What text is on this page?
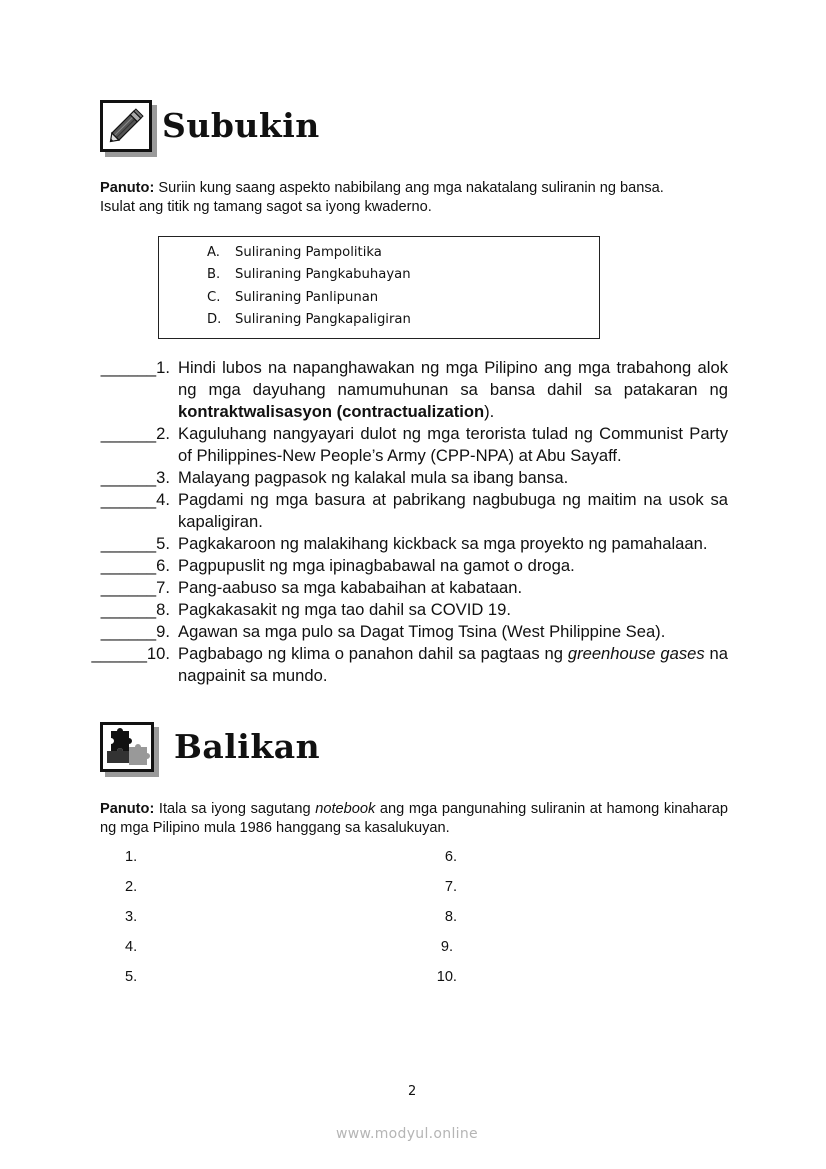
Subukin
Panuto: Suriin kung saang aspekto nabibilang ang mga nakatalang suliranin ng bansa.
Isulat ang titik ng tamang sagot sa iyong kwaderno.
A.	Suliraning Pampolitika
B.	Suliraning Pangkabuhayan
C.	Suliraning Panlipunan
D.	Suliraning Pangkapaligiran
______1. Hindi lubos na napanghawakan ng mga Pilipino ang mga trabahong alok ng mga dayuhang namumuhunan sa bansa dahil sa patakaran ng kontraktwalisasyon (contractualization).
______2. Kaguluhang nangyayari dulot ng mga terorista tulad ng Communist Party of Philippines-New People’s Army (CPP-NPA) at Abu Sayaff.
______3. Malayang pagpasok ng kalakal mula sa ibang bansa.
______4. Pagdami ng mga basura at pabrikang nagbubuga ng maitim na usok sa kapaligiran.
______5. Pagkakaroon ng malakihang kickback sa mga proyekto ng pamahalaan.
______6. Pagpupuslit ng mga ipinagbabawal na gamot o droga.
______7. Pang-aabuso sa mga kababaihan at kabataan.
______8. Pagkakasakit ng mga tao dahil sa COVID 19.
______9. Agawan sa mga pulo sa Dagat Timog Tsina (West Philippine Sea).
______10. Pagbabago ng klima o panahon dahil sa pagtaas ng greenhouse gases na nagpainit sa mundo.
Balikan
Panuto: Itala sa iyong sagutang notebook ang mga pangunahing suliranin at hamong kinaharap ng mga Pilipino mula 1986 hanggang sa kasalukuyan.
1.
2.
3.
4.
5.
6.
7.
8.
9.
10.
2
www.modyul.online
